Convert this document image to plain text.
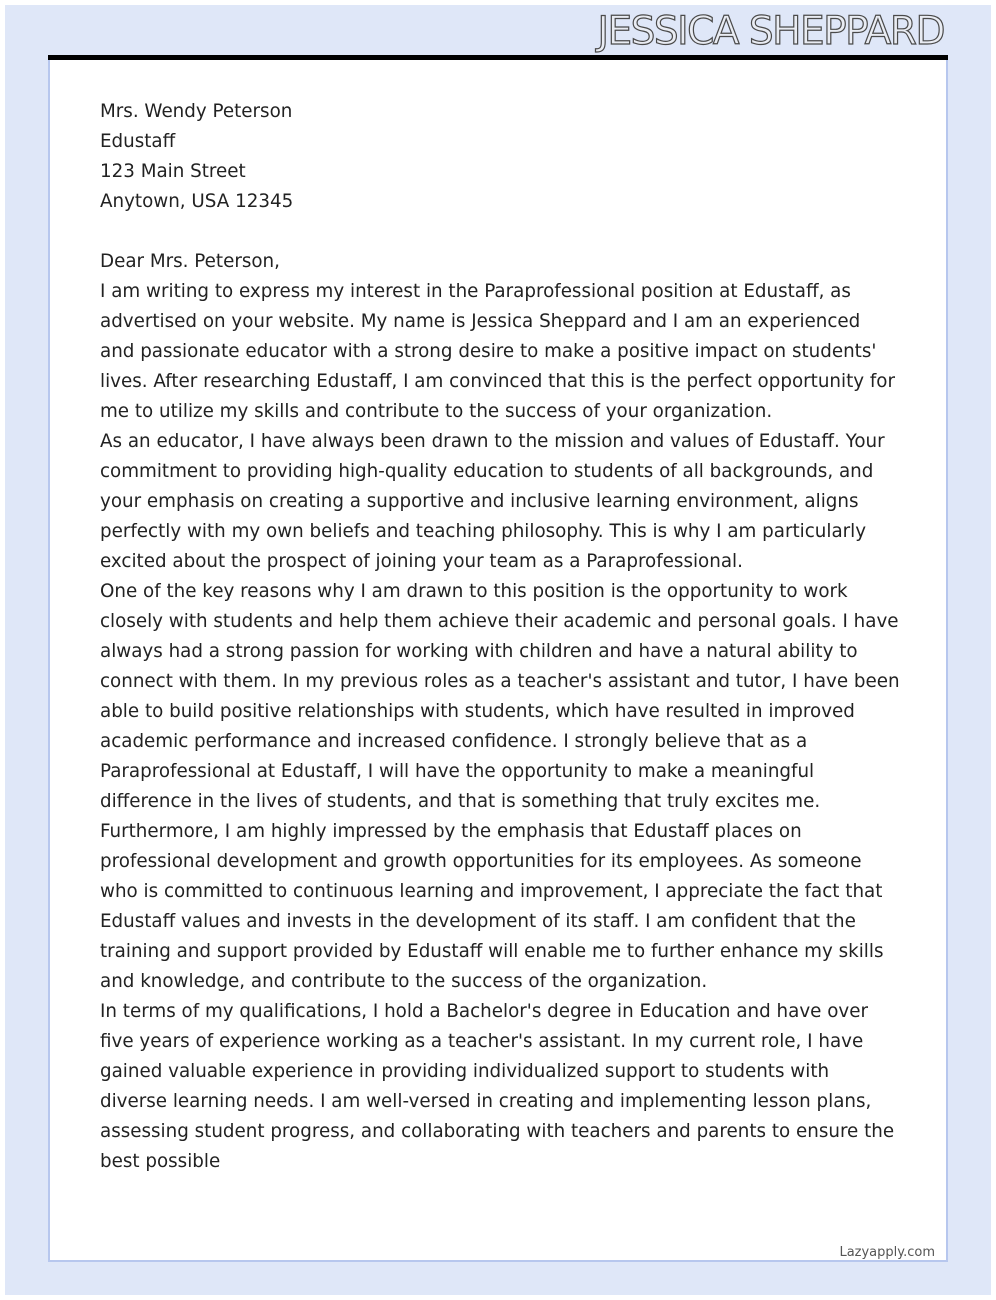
JESSICA SHEPPARD
Mrs. Wendy Peterson
Edustaff
123 Main Street
Anytown, USA 12345

Dear Mrs. Peterson,

I am writing to express my interest in the Paraprofessional position at Edustaff, as advertised on your website. My name is Jessica Sheppard and I am an experienced and passionate educator with a strong desire to make a positive impact on students' lives. After researching Edustaff, I am convinced that this is the perfect opportunity for me to utilize my skills and contribute to the success of your organization.

As an educator, I have always been drawn to the mission and values of Edustaff. Your commitment to providing high-quality education to students of all backgrounds, and your emphasis on creating a supportive and inclusive learning environment, aligns perfectly with my own beliefs and teaching philosophy. This is why I am particularly excited about the prospect of joining your team as a Paraprofessional.

One of the key reasons why I am drawn to this position is the opportunity to work closely with students and help them achieve their academic and personal goals. I have always had a strong passion for working with children and have a natural ability to connect with them. In my previous roles as a teacher's assistant and tutor, I have been able to build positive relationships with students, which have resulted in improved academic performance and increased confidence. I strongly believe that as a Paraprofessional at Edustaff, I will have the opportunity to make a meaningful difference in the lives of students, and that is something that truly excites me.

Furthermore, I am highly impressed by the emphasis that Edustaff places on professional development and growth opportunities for its employees. As someone who is committed to continuous learning and improvement, I appreciate the fact that Edustaff values and invests in the development of its staff. I am confident that the training and support provided by Edustaff will enable me to further enhance my skills and knowledge, and contribute to the success of the organization.

In terms of my qualifications, I hold a Bachelor's degree in Education and have over five years of experience working as a teacher's assistant. In my current role, I have gained valuable experience in providing individualized support to students with diverse learning needs. I am well-versed in creating and implementing lesson plans, assessing student progress, and collaborating with teachers and parents to ensure the best possible

Lazyapply.com
